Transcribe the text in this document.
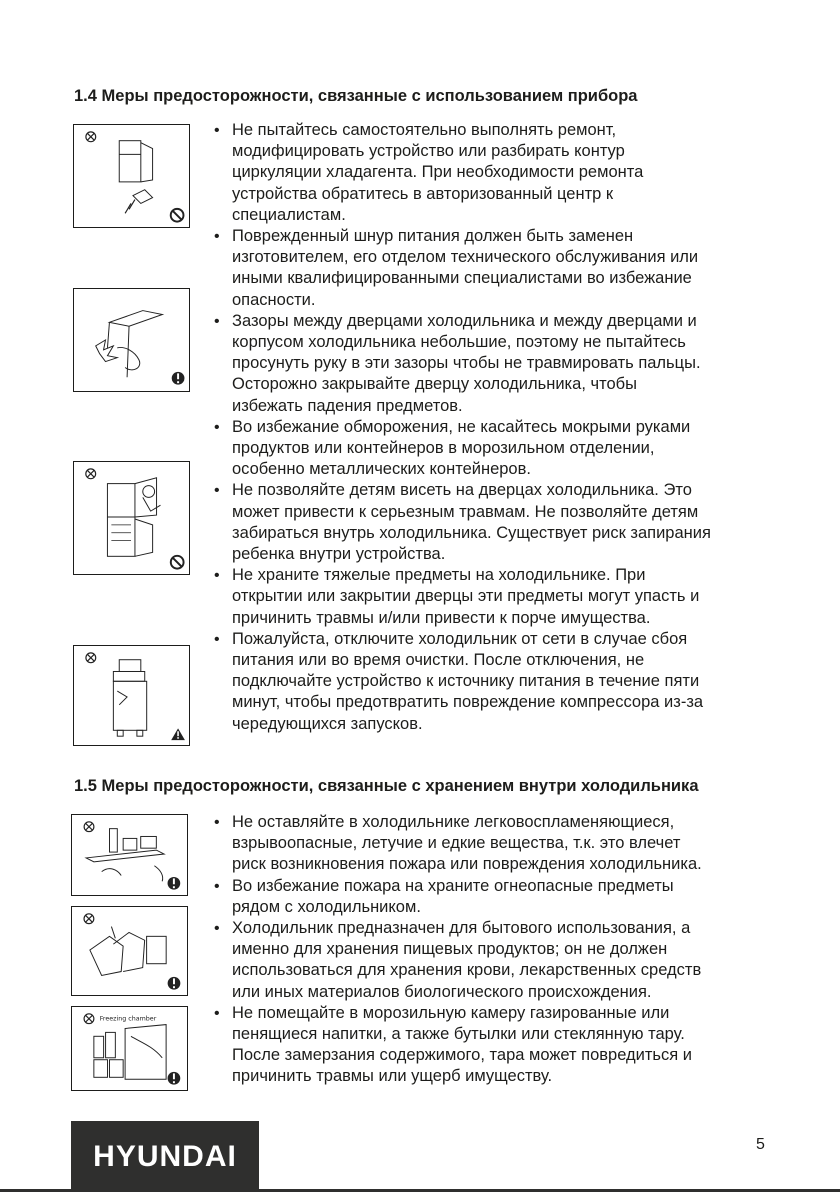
1.4 Меры предосторожности, связанные с использованием прибора
• Не пытайтесь самостоятельно выполнять ремонт,
модифицировать устройство или разбирать контур
циркуляции хладагента. При необходимости ремонта
устройства обратитесь в авторизованный центр к
специалистам.
• Поврежденный шнур питания должен быть заменен
изготовителем, его отделом технического обслуживания или
иными квалифицированными специалистами во избежание
опасности.
• Зазоры между дверцами холодильника и между дверцами и
корпусом холодильника небольшие, поэтому не пытайтесь
просунуть руку в эти зазоры чтобы не травмировать пальцы.
Осторожно закрывайте дверцу холодильника, чтобы
избежать падения предметов.
• Во избежание обморожения, не касайтесь мокрыми руками
продуктов или контейнеров в морозильном отделении,
особенно металлических контейнеров.
• Не позволяйте детям висеть на дверцах холодильника. Это
может привести к серьезным травмам. Не позволяйте детям
забираться внутрь холодильника. Существует риск запирания
ребенка внутри устройства.
• Не храните тяжелые предметы на холодильнике. При
открытии или закрытии дверцы эти предметы могут упасть и
причинить травмы и/или привести к порче имущества.
• Пожалуйста, отключите холодильник от сети в случае сбоя
питания или во время очистки. После отключения, не
подключайте устройство к источнику питания в течение пяти
минут, чтобы предотвратить повреждение компрессора из-за
чередующихся запусков.
1.5 Меры предосторожности, связанные с хранением внутри холодильника
Freezing chamber
• Не оставляйте в холодильнике легковоспламеняющиеся,
взрывоопасные, летучие и едкие вещества, т.к. это влечет
риск возникновения пожара или повреждения холодильника.
• Во избежание пожара на храните огнеопасные предметы
рядом с холодильником.
• Холодильник предназначен для бытового использования, а
именно для хранения пищевых продуктов; он не должен
использоваться для хранения крови, лекарственных средств
или иных материалов биологического происхождения.
• Не помещайте в морозильную камеру газированные или
пенящиеся напитки, а также бутылки или стеклянную тару.
После замерзания содержимого, тара может повредиться и
причинить травмы или ущерб имуществу.
HYUNDAI	5
